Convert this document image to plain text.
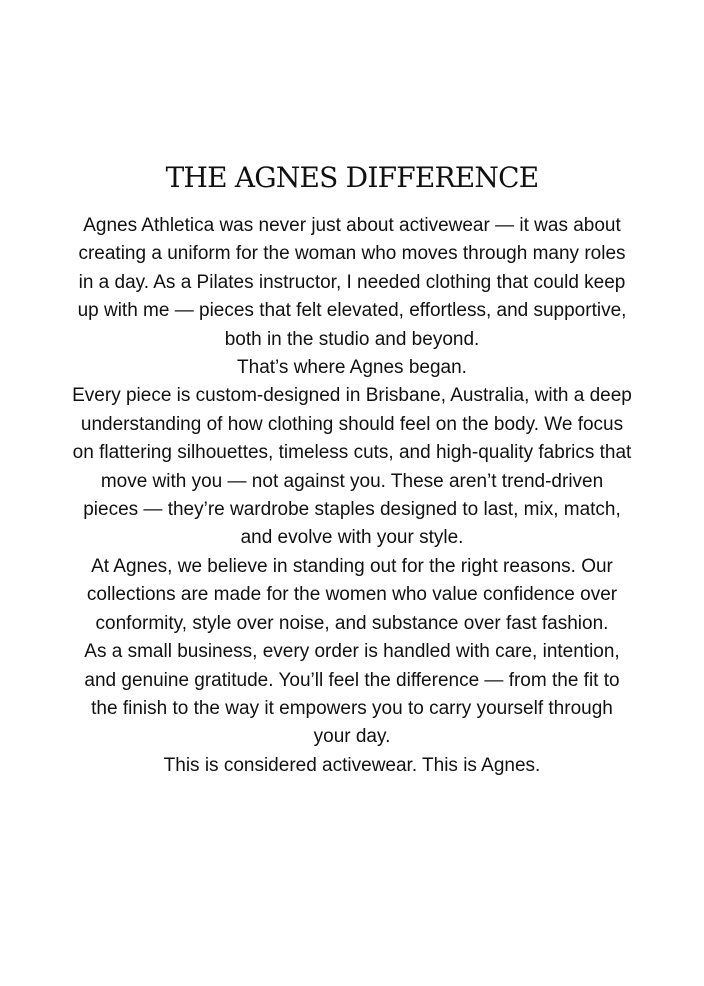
THE AGNES DIFFERENCE

Agnes Athletica was never just about activewear — it was about creating a uniform for the woman who moves through many roles in a day. As a Pilates instructor, I needed clothing that could keep up with me — pieces that felt elevated, effortless, and supportive, both in the studio and beyond.

That’s where Agnes began.

Every piece is custom-designed in Brisbane, Australia, with a deep understanding of how clothing should feel on the body. We focus on flattering silhouettes, timeless cuts, and high-quality fabrics that move with you — not against you. These aren’t trend-driven pieces — they’re wardrobe staples designed to last, mix, match, and evolve with your style.

At Agnes, we believe in standing out for the right reasons. Our collections are made for the women who value confidence over conformity, style over noise, and substance over fast fashion.

As a small business, every order is handled with care, intention, and genuine gratitude. You’ll feel the difference — from the fit to the finish to the way it empowers you to carry yourself through your day.

This is considered activewear. This is Agnes.
